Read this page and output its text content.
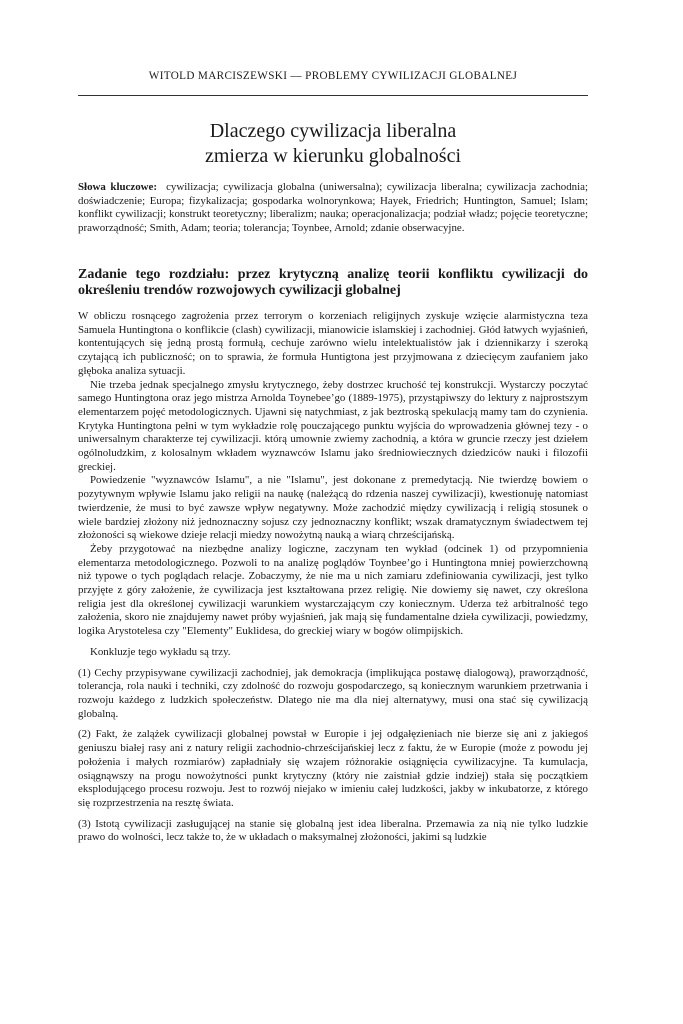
WITOLD MARCISZEWSKI — PROBLEMY CYWILIZACJI GLOBALNEJ
Dlaczego cywilizacja liberalna
zmierza w kierunku globalności
Słowa kluczowe: cywilizacja; cywilizacja globalna (uniwersalna); cywilizacja liberalna; cywilizacja zachodnia; doświadczenie; Europa; fizykalizacja; gospodarka wolnorynkowa; Hayek, Friedrich; Huntington, Samuel; Islam; konflikt cywilizacji; konstrukt teoretyczny; liberalizm; nauka; operacjonalizacja; podział władz; pojęcie teoretyczne; praworządność; Smith, Adam; teoria; tolerancja; Toynbee, Arnold; zdanie obserwacyjne.
Zadanie tego rozdziału: przez krytyczną analizę teorii konfliktu cywilizacji do określeniu trendów rozwojowych cywilizacji globalnej

W obliczu rosnącego zagrożenia przez terrorym o korzeniach religijnych zyskuje wzięcie alarmistyczna teza Samuela Huntingtona o konflikcie (clash) cywilizacji, mianowicie islamskiej i zachodniej. Głód łatwych wyjaśnień, kontentujących się jedną prostą formułą, cechuje zarówno wielu intelektualistów jak i dziennikarzy i szeroką czytającą ich publiczność; on to sprawia, że formuła Huntigtona jest przyjmowana z dziecięcym zaufaniem jako głęboka analiza sytuacji.

Nie trzeba jednak specjalnego zmysłu krytycznego, żeby dostrzec kruchość tej konstrukcji. Wystarczy poczytać samego Huntingtona oraz jego mistrza Arnolda Toynebee’go (1889-1975), przystąpiwszy do lektury z najprostszym elementarzem pojęć metodologicznych. Ujawni się natychmiast, z jak beztroską spekulacją mamy tam do czynienia. Krytyka Huntingtona pełni w tym wykładzie rolę pouczającego punktu wyjścia do wprowadzenia głównej tezy - o uniwersalnym charakterze tej cywilizacji. którą umownie zwiemy zachodnią, a która w gruncie rzeczy jest dziełem ogólnoludzkim, z kolosalnym wkładem wyznawców Islamu jako średniowiecznych dziedziców nauki i filozofii greckiej.

Powiedzenie "wyznawców Islamu", a nie "Islamu", jest dokonane z premedytacją. Nie twierdzę bowiem o pozytywnym wpływie Islamu jako religii na naukę (należącą do rdzenia naszej cywilizacji), kwestionuję natomiast twierdzenie, że musi to być zawsze wpływ negatywny. Może zachodzić między cywilizacją i religią stosunek o wiele bardziej złożony niż jednoznaczny sojusz czy jednoznaczny konflikt; wszak dramatycznym świadectwem tej złożoności są wiekowe dzieje relacji miedzy nowożytną nauką a wiarą chrześcijańską.

Żeby przygotować na niezbędne analizy logiczne, zaczynam ten wykład (odcinek 1) od przypomnienia elementarza metodologicznego. Pozwoli to na analizę poglądów Toynbee’go i Huntingtona mniej powierzchowną niż typowe o tych poglądach relacje. Zobaczymy, że nie ma u nich zamiaru zdefiniowania cywilizacji, jest tylko przyjęte z góry założenie, że cywilizacja jest kształtowana przez religię. Nie dowiemy się nawet, czy określona religia jest dla określonej cywilizacji warunkiem wystarczającym czy koniecznym. Uderza też arbitralność tego założenia, skoro nie znajdujemy nawet próby wyjaśnień, jak mają się fundamentalne dzieła cywilizacji, powiedzmy, logika Arystotelesa czy "Elementy" Euklidesa, do greckiej wiary w bogów olimpijskich.

Konkluzje tego wykładu są trzy.

(1) Cechy przypisywane cywilizacji zachodniej, jak demokracja (implikująca postawę dialogową), praworządność, tolerancja, rola nauki i techniki, czy zdolność do rozwoju gospodarczego, są koniecznym warunkiem przetrwania i rozwoju każdego z ludzkich społeczeństw. Dlatego nie ma dla niej alternatywy, musi ona stać się cywilizacją globalną.

(2) Fakt, że zalążek cywilizacji globalnej powstał w Europie i jej odgałęzieniach nie bierze się ani z jakiegoś geniuszu białej rasy ani z natury religii zachodnio-chrześcijańskiej lecz z faktu, że w Europie (może z powodu jej położenia i małych rozmiarów) zapładniały się wzajem różnorakie osiągnięcia cywilizacyjne. Ta kumulacja, osiągnąwszy na progu nowożytności punkt krytyczny (który nie zaistniał gdzie indziej) stała się początkiem eksplodującego procesu rozwoju. Jest to rozwój niejako w imieniu całej ludzkości, jakby w inkubatorze, z którego się rozprzestrzenia na resztę świata.

(3) Istotą cywilizacji zasługującej na stanie się globalną jest idea liberalna. Przemawia za nią nie tylko ludzkie prawo do wolności, lecz także to, że w układach o maksymalnej złożoności, jakimi są ludzkie
